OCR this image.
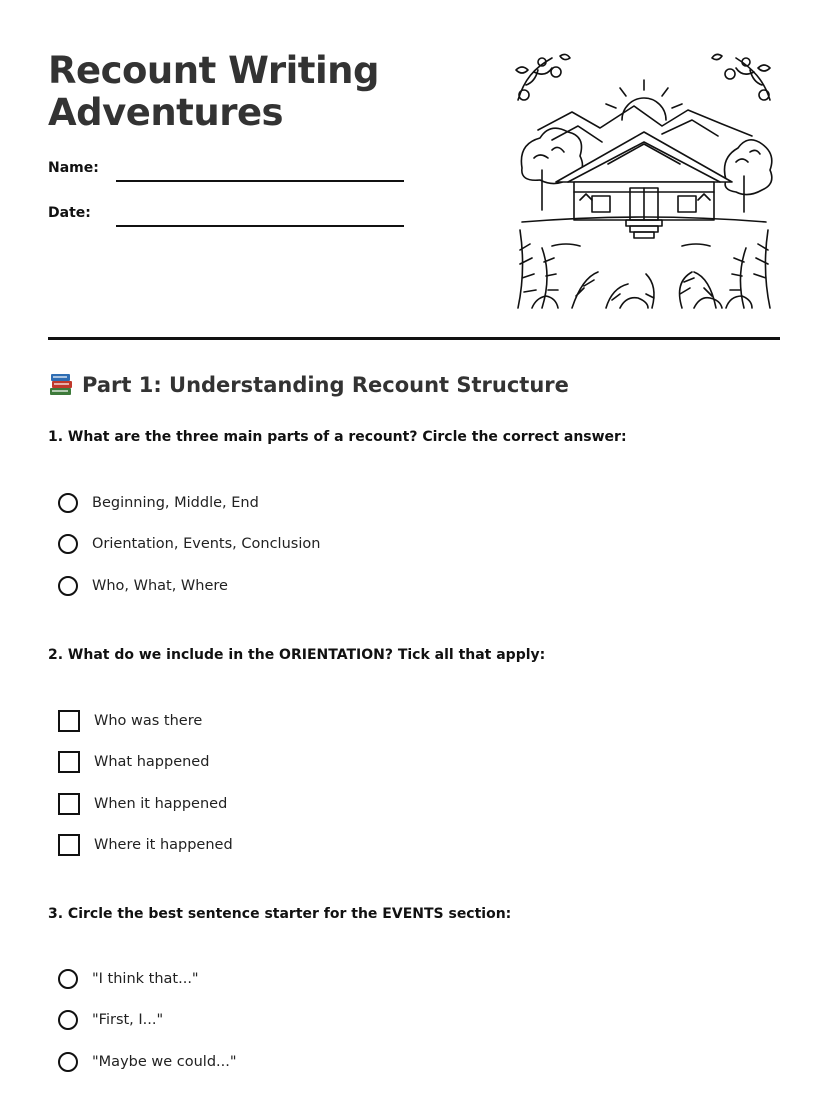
Recount Writing
Adventures
Name:
Date:
Part 1: Understanding Recount Structure
1. What are the three main parts of a recount? Circle the correct answer:
Beginning, Middle, End
Orientation, Events, Conclusion
Who, What, Where
2. What do we include in the ORIENTATION? Tick all that apply:
Who was there
What happened
When it happened
Where it happened
3. Circle the best sentence starter for the EVENTS section:
"I think that..."
"First, I..."
"Maybe we could..."
